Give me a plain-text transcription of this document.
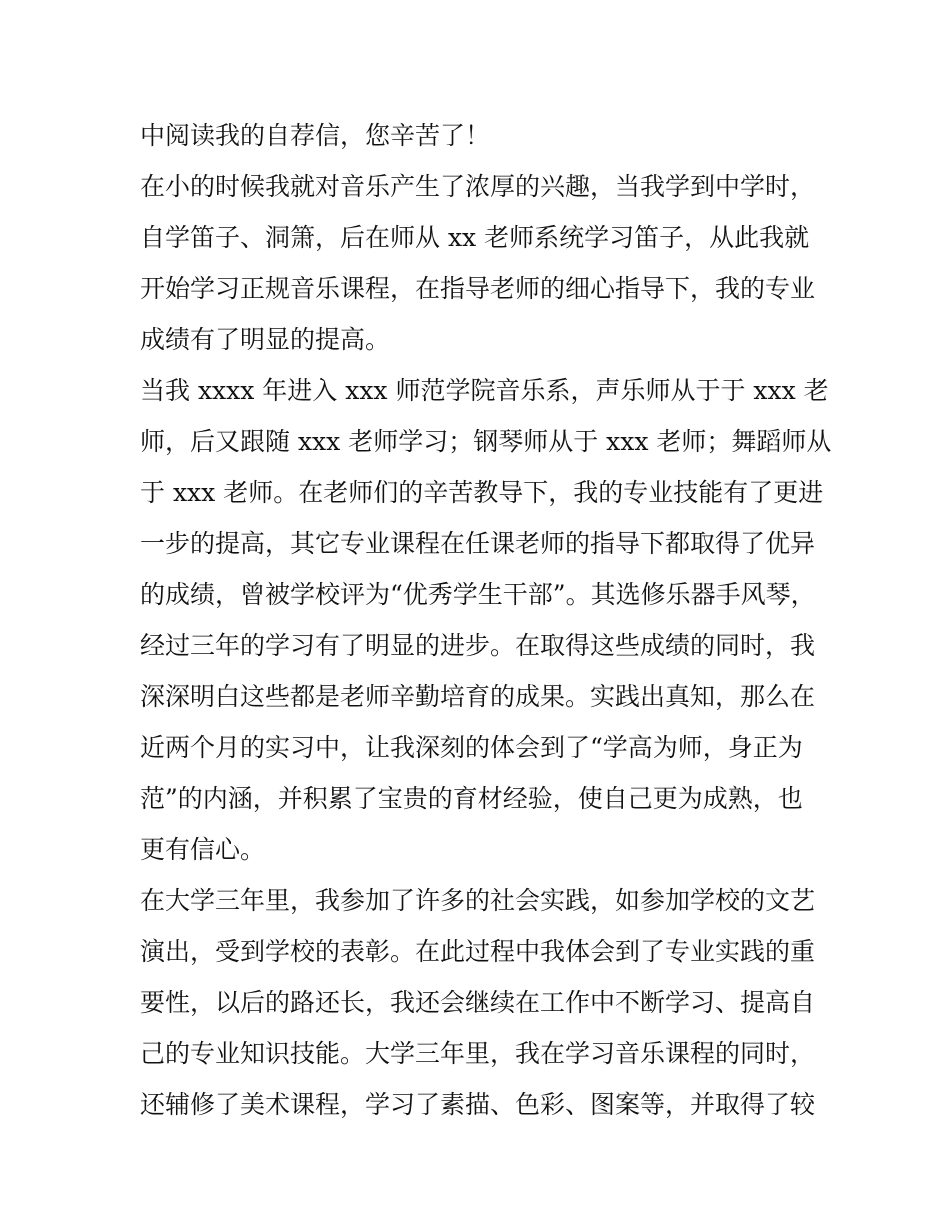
中阅读我的自荐信，您辛苦了！
在小的时候我就对音乐产生了浓厚的兴趣，当我学到中学时，
自学笛子、洞箫，后在师从 xx 老师系统学习笛子，从此我就
开始学习正规音乐课程，在指导老师的细心指导下，我的专业
成绩有了明显的提高。
当我 xxxx 年进入 xxx 师范学院音乐系，声乐师从于于 xxx 老
师，后又跟随 xxx 老师学习；钢琴师从于 xxx 老师；舞蹈师从
于 xxx 老师。在老师们的辛苦教导下，我的专业技能有了更进
一步的提高，其它专业课程在任课老师的指导下都取得了优异
的成绩，曾被学校评为“优秀学生干部”。其选修乐器手风琴，
经过三年的学习有了明显的进步。在取得这些成绩的同时，我
深深明白这些都是老师辛勤培育的成果。实践出真知，那么在
近两个月的实习中，让我深刻的体会到了“学高为师，身正为
范”的内涵，并积累了宝贵的育材经验，使自己更为成熟，也
更有信心。
在大学三年里，我参加了许多的社会实践，如参加学校的文艺
演出，受到学校的表彰。在此过程中我体会到了专业实践的重
要性，以后的路还长，我还会继续在工作中不断学习、提高自
己的专业知识技能。大学三年里，我在学习音乐课程的同时，
还辅修了美术课程，学习了素描、色彩、图案等，并取得了较
